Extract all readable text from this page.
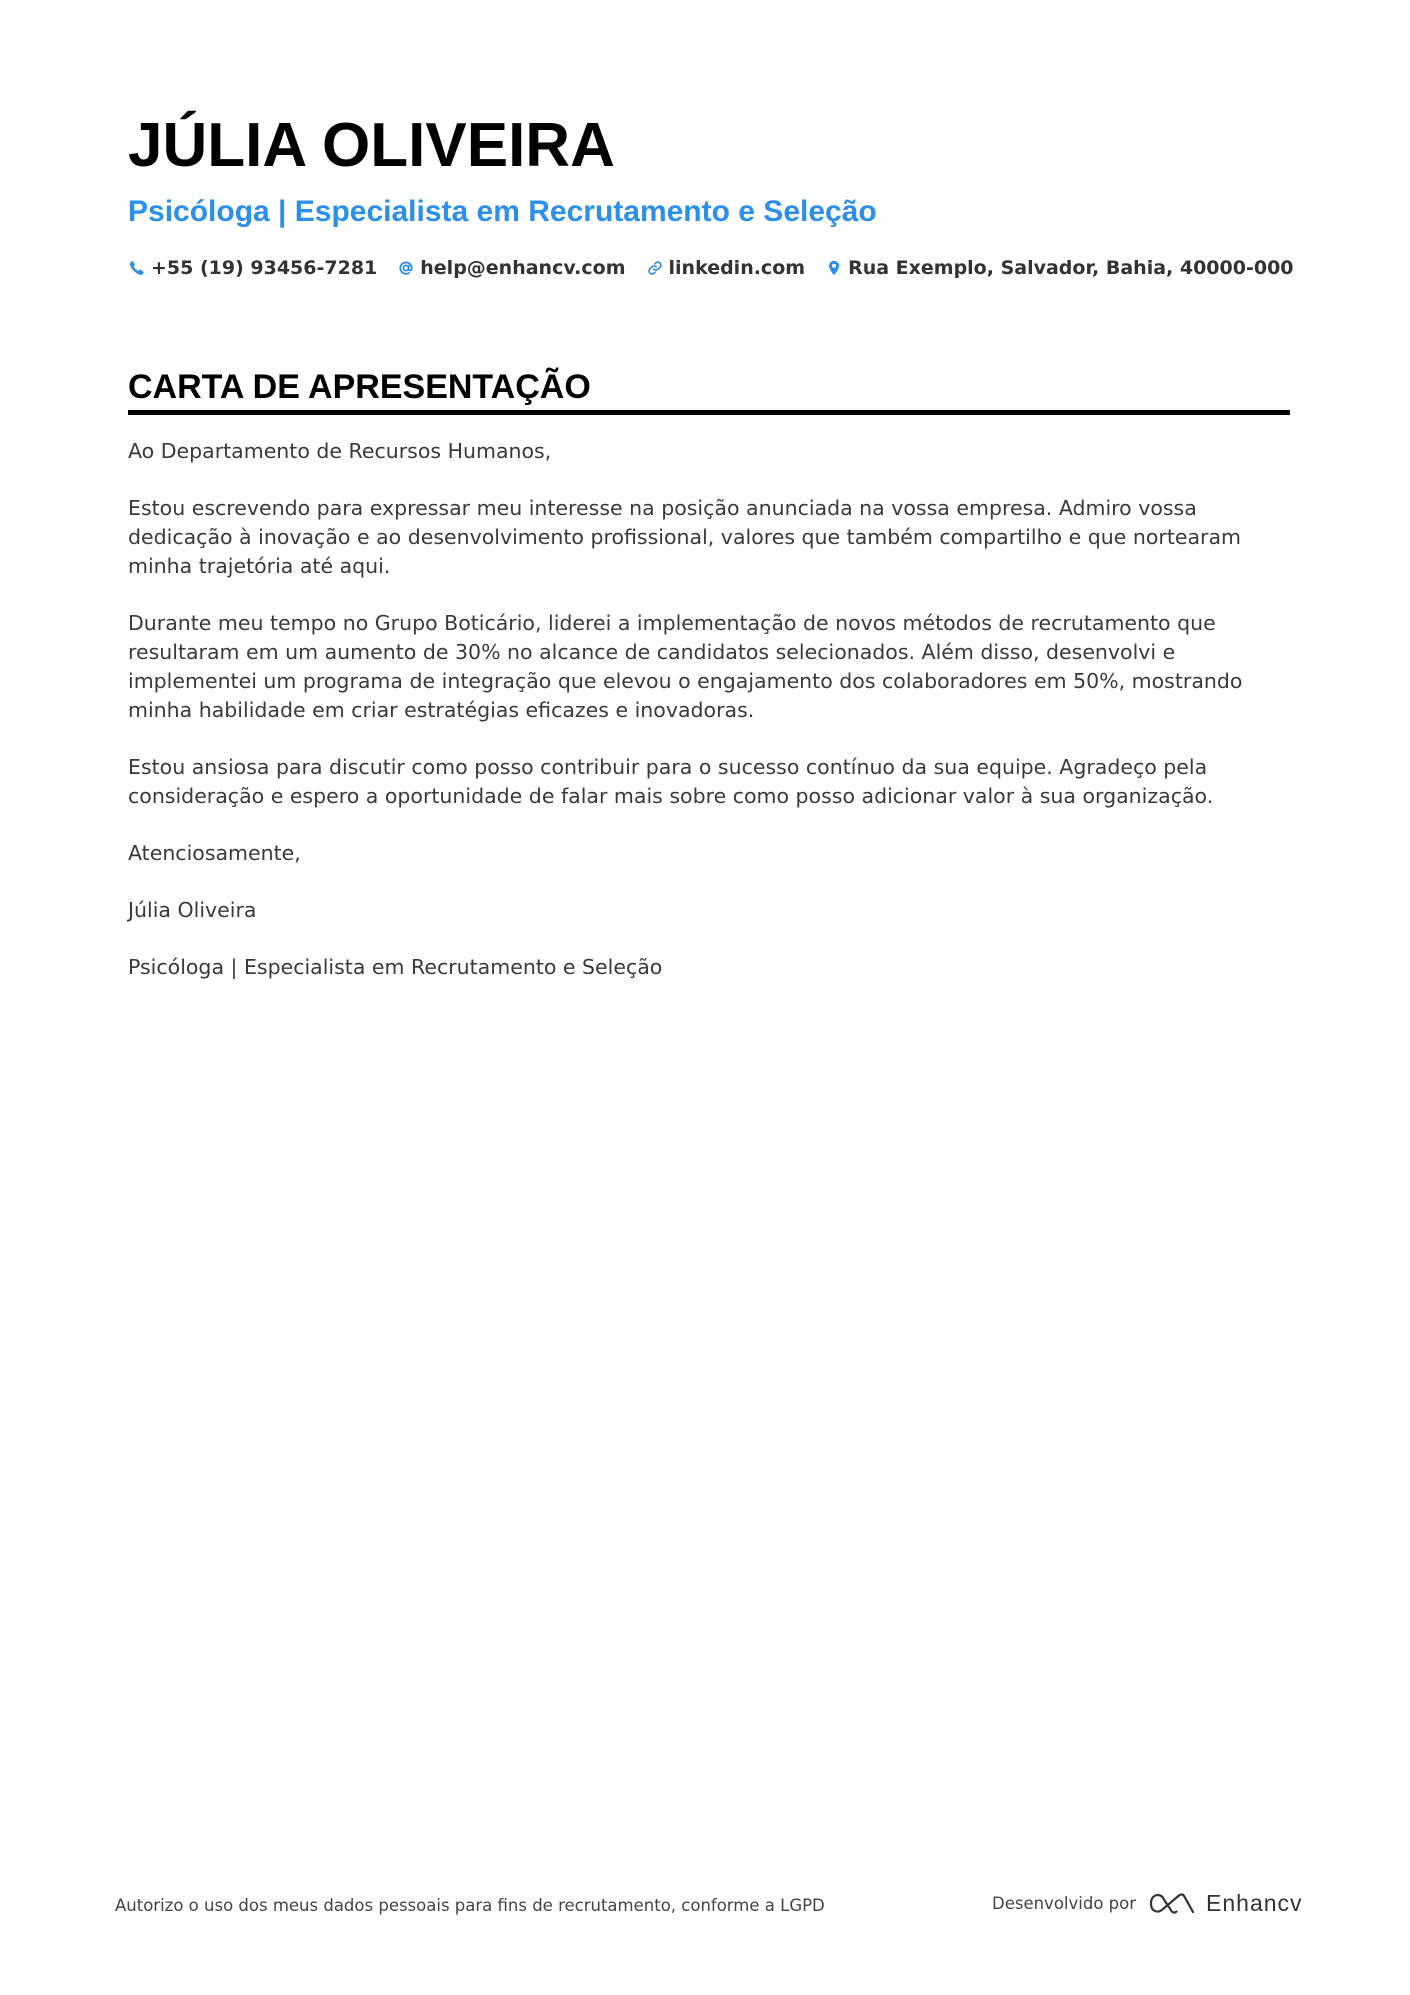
JÚLIA OLIVEIRA
Psicóloga | Especialista em Recrutamento e Seleção
+55 (19) 93456-7281 help@enhancv.com linkedin.com Rua Exemplo, Salvador, Bahia, 40000-000
CARTA DE APRESENTAÇÃO

Ao Departamento de Recursos Humanos,

Estou escrevendo para expressar meu interesse na posição anunciada na vossa empresa. Admiro vossa dedicação à inovação e ao desenvolvimento profissional, valores que também compartilho e que nortearam minha trajetória até aqui.

Durante meu tempo no Grupo Boticário, liderei a implementação de novos métodos de recrutamento que resultaram em um aumento de 30% no alcance de candidatos selecionados. Além disso, desenvolvi e implementei um programa de integração que elevou o engajamento dos colaboradores em 50%, mostrando minha habilidade em criar estratégias eficazes e inovadoras.

Estou ansiosa para discutir como posso contribuir para o sucesso contínuo da sua equipe. Agradeço pela consideração e espero a oportunidade de falar mais sobre como posso adicionar valor à sua organização.

Atenciosamente,

Júlia Oliveira

Psicóloga | Especialista em Recrutamento e Seleção

Autorizo o uso dos meus dados pessoais para fins de recrutamento, conforme a LGPD	Desenvolvido por	Enhancv
